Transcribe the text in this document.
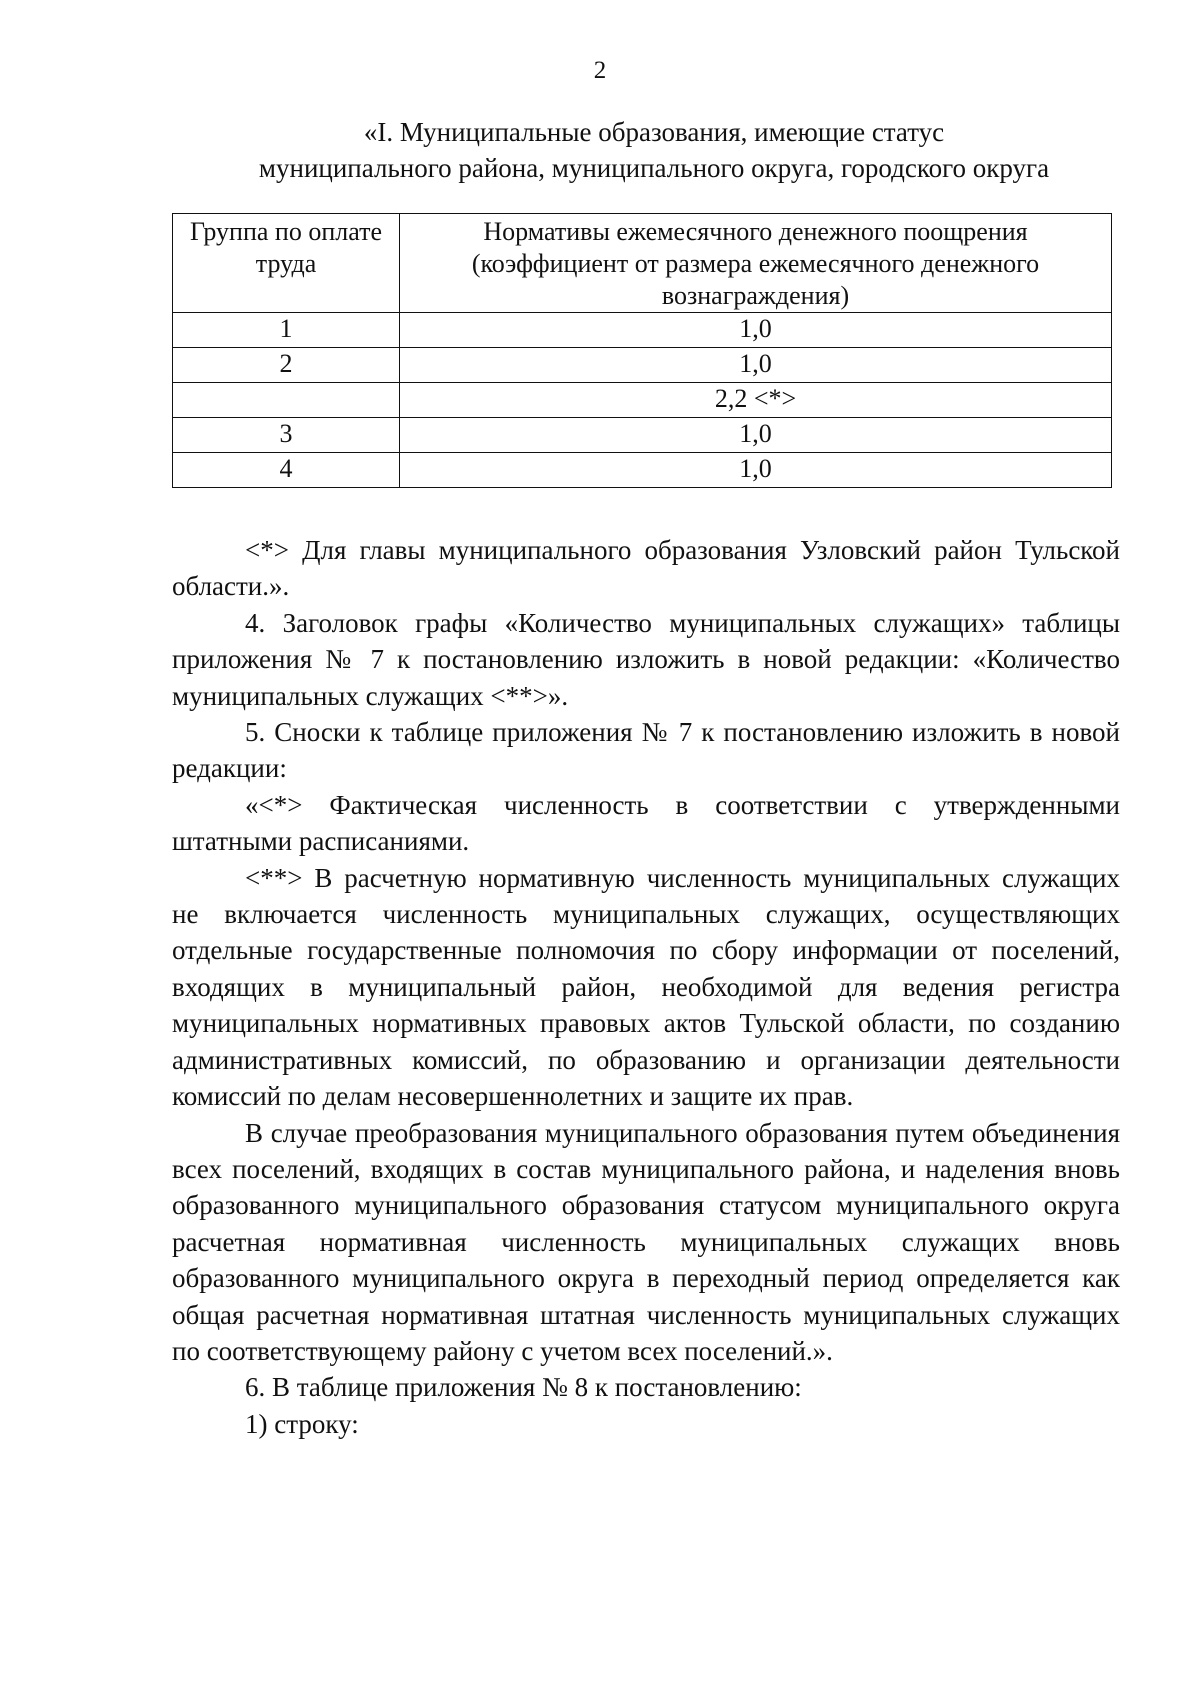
2
«I. Муниципальные образования, имеющие статус
муниципального района, муниципального округа, городского округа
Группа по оплате труда	Нормативы ежемесячного денежного поощрения (коэффициент от размера ежемесячного денежного вознаграждения)
1	1,0
2	1,0
	2,2 <*>
3	1,0
4	1,0

<*> Для главы муниципального образования Узловский район Тульской области.».

4. Заголовок графы «Количество муниципальных служащих» таблицы приложения № 7 к постановлению изложить в новой редакции: «Количество муниципальных служащих <**>».

5. Сноски к таблице приложения № 7 к постановлению изложить в новой редакции:

«<*> Фактическая численность в соответствии с утвержденными штатными расписаниями.

<**> В расчетную нормативную численность муниципальных служащих не включается численность муниципальных служащих, осуществляющих отдельные государственные полномочия по сбору информации от поселений, входящих в муниципальный район, необходимой для ведения регистра муниципальных нормативных правовых актов Тульской области, по созданию административных комиссий, по образованию и организации деятельности комиссий по делам несовершеннолетних и защите их прав.

В случае преобразования муниципального образования путем объединения всех поселений, входящих в состав муниципального района, и наделения вновь образованного муниципального образования статусом муниципального округа расчетная нормативная численность муниципальных служащих вновь образованного муниципального округа в переходный период определяется как общая расчетная нормативная штатная численность муниципальных служащих по соответствующему району с учетом всех поселений.».

6. В таблице приложения № 8 к постановлению:

1) строку:
